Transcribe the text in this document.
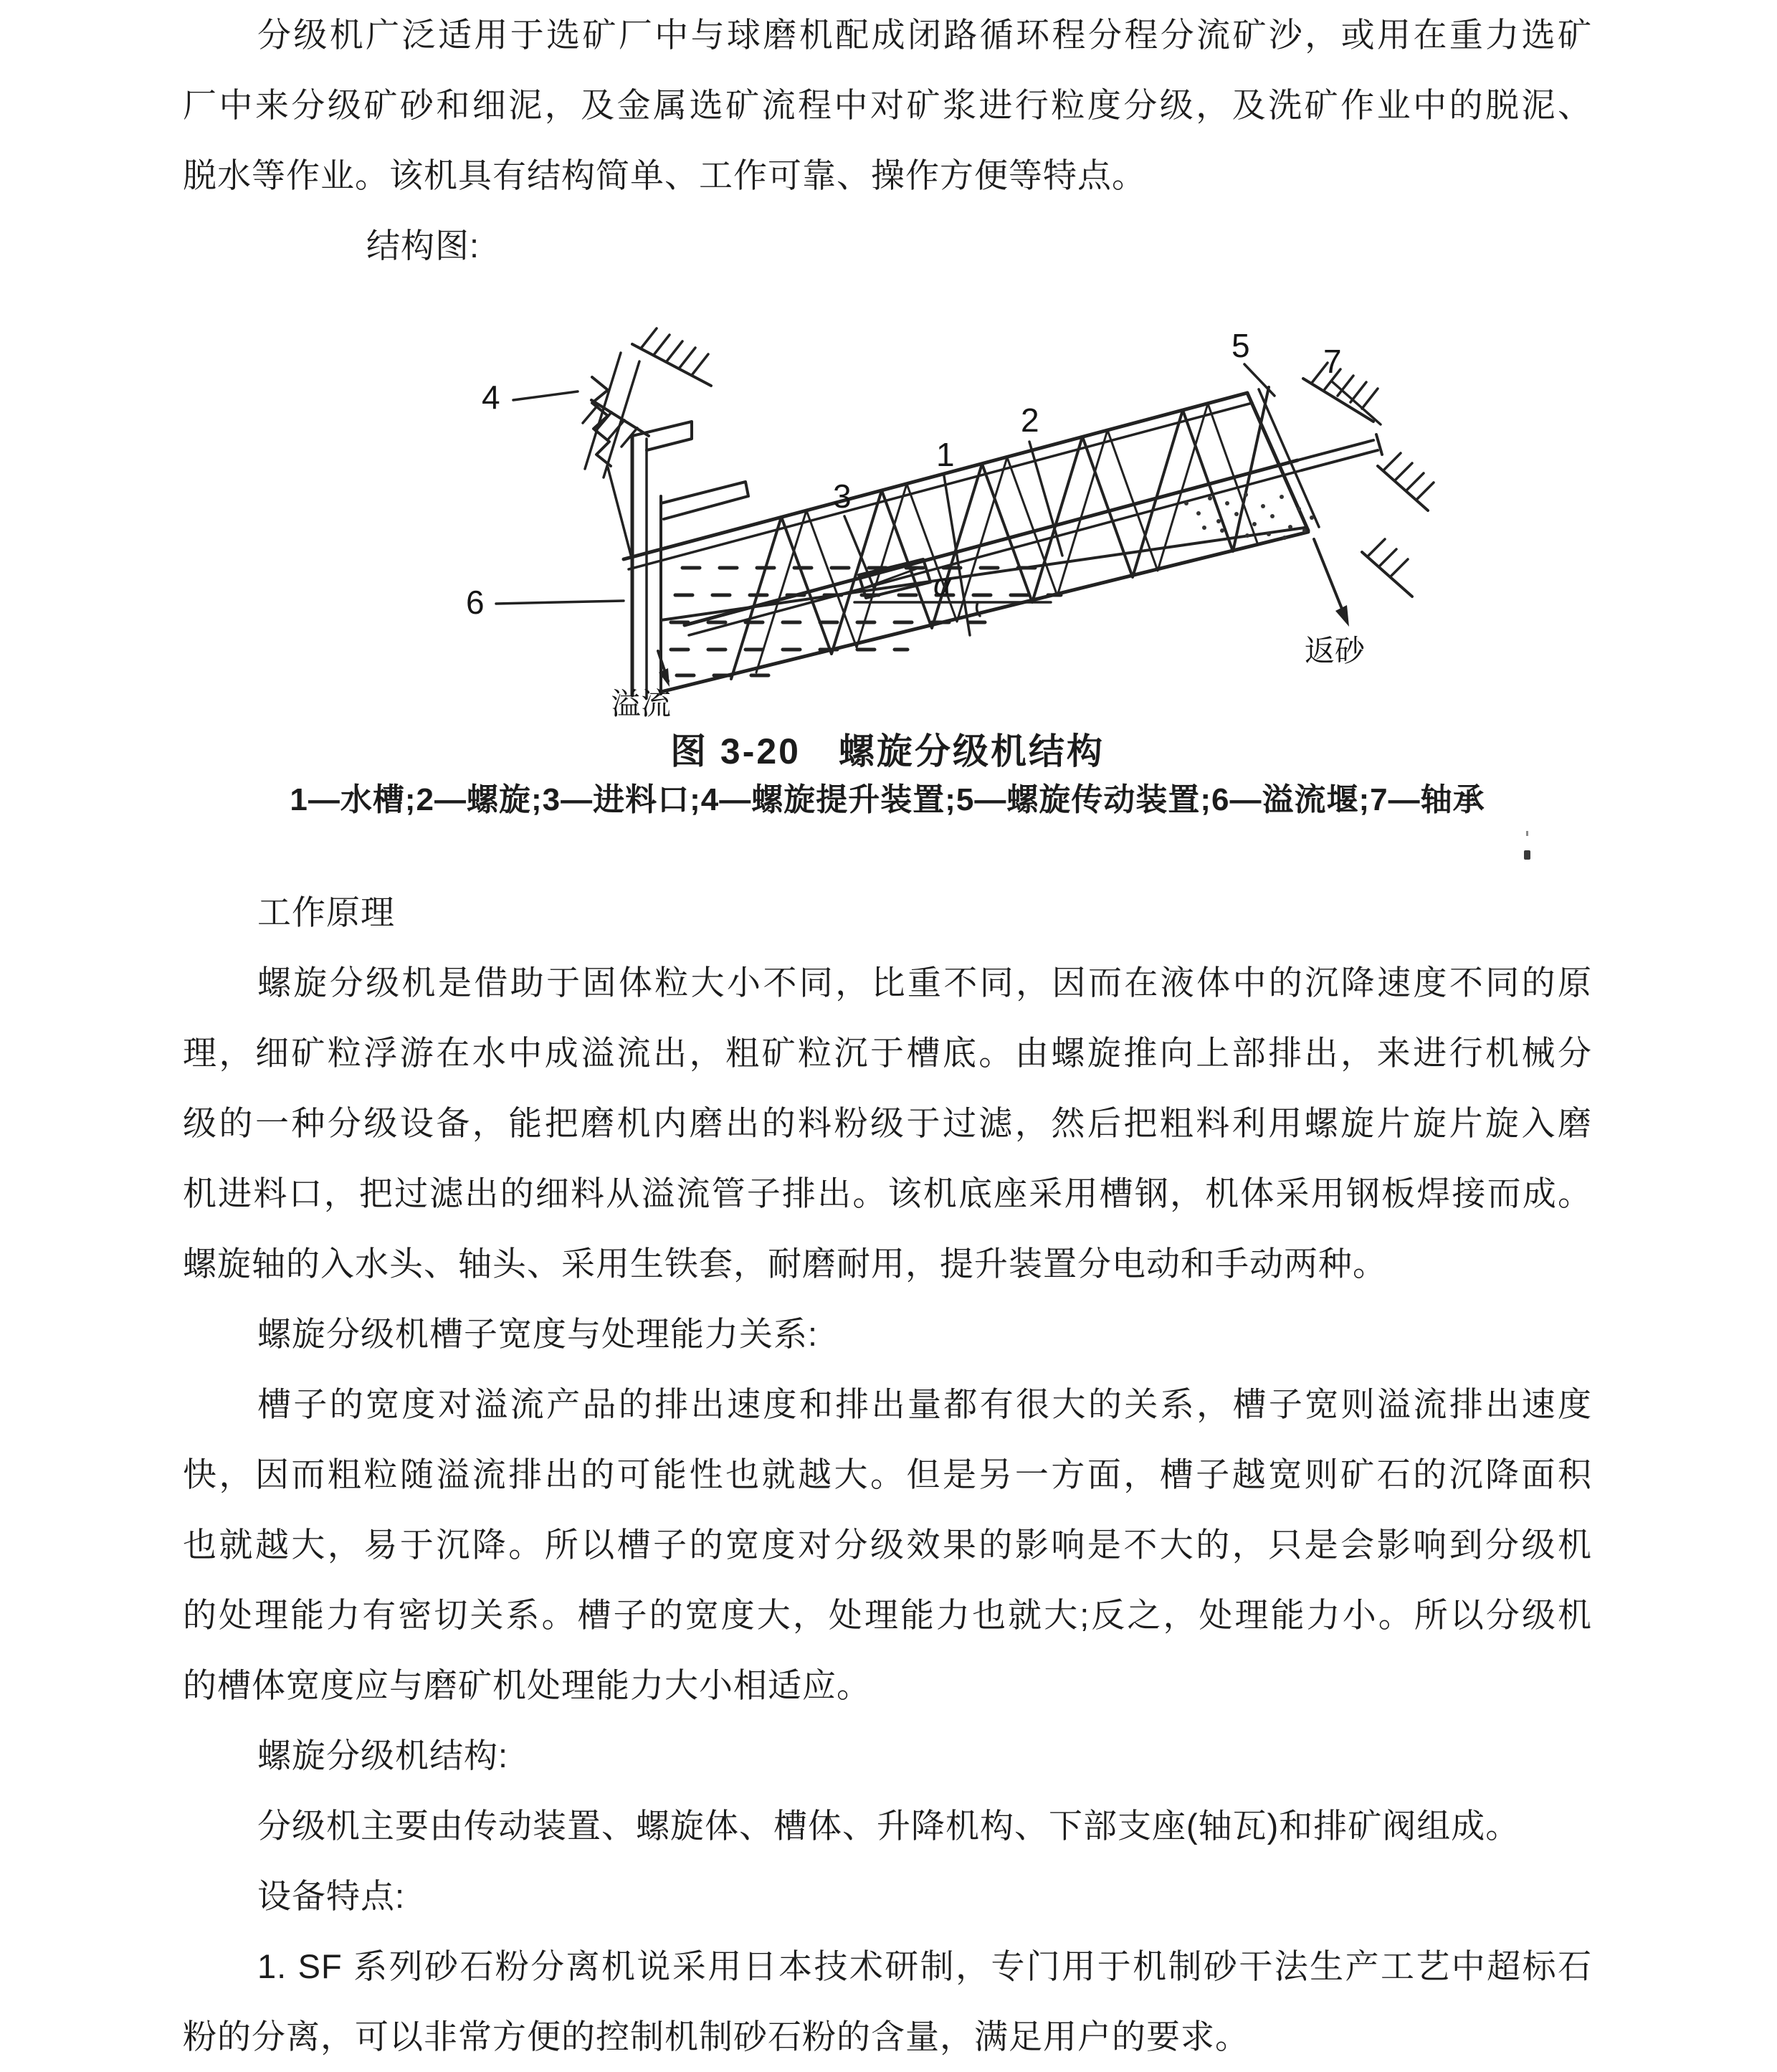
分级机广泛适用于选矿厂中与球磨机配成闭路循环程分程分流矿沙，或用在重力选矿
厂中来分级矿砂和细泥，及金属选矿流程中对矿浆进行粒度分级，及洗矿作业中的脱泥、
脱水等作业。该机具有结构简单、工作可靠、操作方便等特点。
结构图:
4
6
3
1
2
5 7
溢流
返砂
α
图 3-20　螺旋分级机结构
1—水槽;2—螺旋;3—进料口;4—螺旋提升装置;5—螺旋传动装置;6—溢流堰;7—轴承
工作原理
螺旋分级机是借助于固体粒大小不同，比重不同，因而在液体中的沉降速度不同的原
理，细矿粒浮游在水中成溢流出，粗矿粒沉于槽底。由螺旋推向上部排出，来进行机械分
级的一种分级设备，能把磨机内磨出的料粉级于过滤，然后把粗料利用螺旋片旋片旋入磨
机进料口，把过滤出的细料从溢流管子排出。该机底座采用槽钢，机体采用钢板焊接而成。
螺旋轴的入水头、轴头、采用生铁套，耐磨耐用，提升装置分电动和手动两种。
螺旋分级机槽子宽度与处理能力关系:
槽子的宽度对溢流产品的排出速度和排出量都有很大的关系，槽子宽则溢流排出速度
快，因而粗粒随溢流排出的可能性也就越大。但是另一方面，槽子越宽则矿石的沉降面积
也就越大，易于沉降。所以槽子的宽度对分级效果的影响是不大的，只是会影响到分级机
的处理能力有密切关系。槽子的宽度大，处理能力也就大;反之，处理能力小。所以分级机
的槽体宽度应与磨矿机处理能力大小相适应。
螺旋分级机结构:
分级机主要由传动装置、螺旋体、槽体、升降机构、下部支座(轴瓦)和排矿阀组成。
设备特点:
1. SF 系列砂石粉分离机说采用日本技术研制，专门用于机制砂干法生产工艺中超标石
粉的分离，可以非常方便的控制机制砂石粉的含量，满足用户的要求。
